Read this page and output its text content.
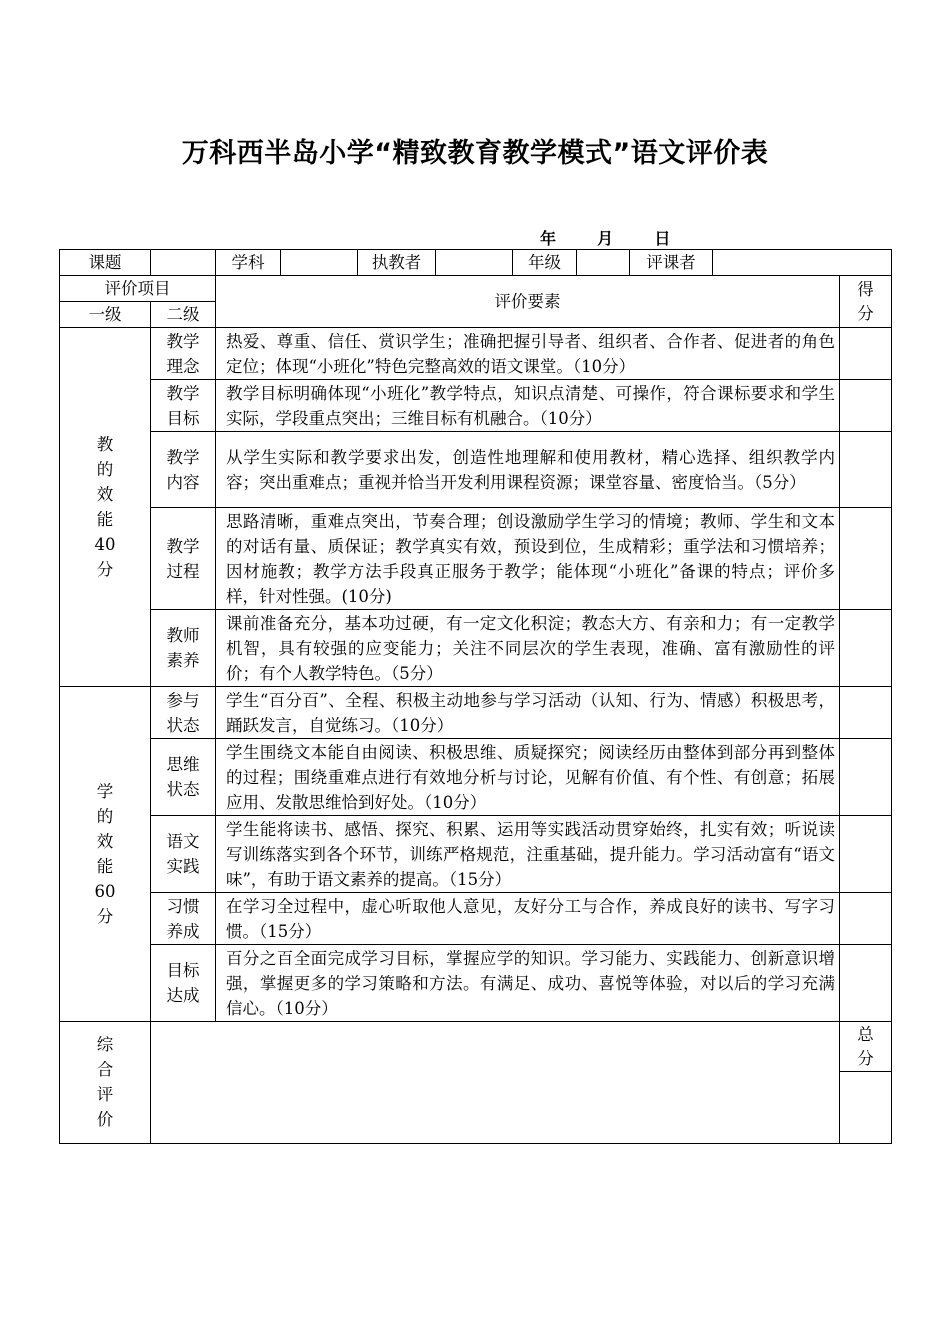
万科西半岛小学“精致教育教学模式”语文评价表
年	月	日
课题		学科		执教者		年级		评课者		
评价项目		评价要素								得分
一级	二级									
教的效能40分	教学理念	热爱、尊重、信任、赏识学生；准确把握引导者、组织者、合作者、促进者的角色定位；体现“小班化”特色完整高效的语文课堂。（10分）								
	教学目标	教学目标明确体现“小班化”教学特点，知识点清楚、可操作，符合课标要求和学生实际，学段重点突出；三维目标有机融合。（10分）								
	教学内容	从学生实际和教学要求出发，创造性地理解和使用教材，精心选择、组织教学内容；突出重难点；重视并恰当开发利用课程资源；课堂容量、密度恰当。（5分）								
	教学过程	思路清晰，重难点突出，节奏合理；创设激励学生学习的情境；教师、学生和文本的对话有量、质保证；教学真实有效，预设到位，生成精彩；重学法和习惯培养；因材施教；教学方法手段真正服务于教学；能体现“小班化”备课的特点；评价多样，针对性强。(10分)								
	教师素养	课前准备充分，基本功过硬，有一定文化积淀；教态大方、有亲和力；有一定教学机智，具有较强的应变能力；关注不同层次的学生表现，准确、富有激励性的评价；有个人教学特色。（5分）								
学的效能60分	参与状态	学生“百分百”、全程、积极主动地参与学习活动（认知、行为、情感）积极思考，踊跃发言，自觉练习。（10分）								
	思维状态	学生围绕文本能自由阅读、积极思维、质疑探究；阅读经历由整体到部分再到整体的过程；围绕重难点进行有效地分析与讨论，见解有价值、有个性、有创意；拓展应用、发散思维恰到好处。（10分）								
	语文实践	学生能将读书、感悟、探究、积累、运用等实践活动贯穿始终，扎实有效；听说读写训练落实到各个环节，训练严格规范，注重基础，提升能力。学习活动富有“语文味”，有助于语文素养的提高。（15分）								
	习惯养成	在学习全过程中，虚心听取他人意见，友好分工与合作，养成良好的读书、写字习惯。（15分）								
	目标达成	百分之百全面完成学习目标，掌握应学的知识。学习能力、实践能力、创新意识增强，掌握更多的学习策略和方法。有满足、成功、喜悦等体验，对以后的学习充满信心。（10分）								
综合评价										总分
